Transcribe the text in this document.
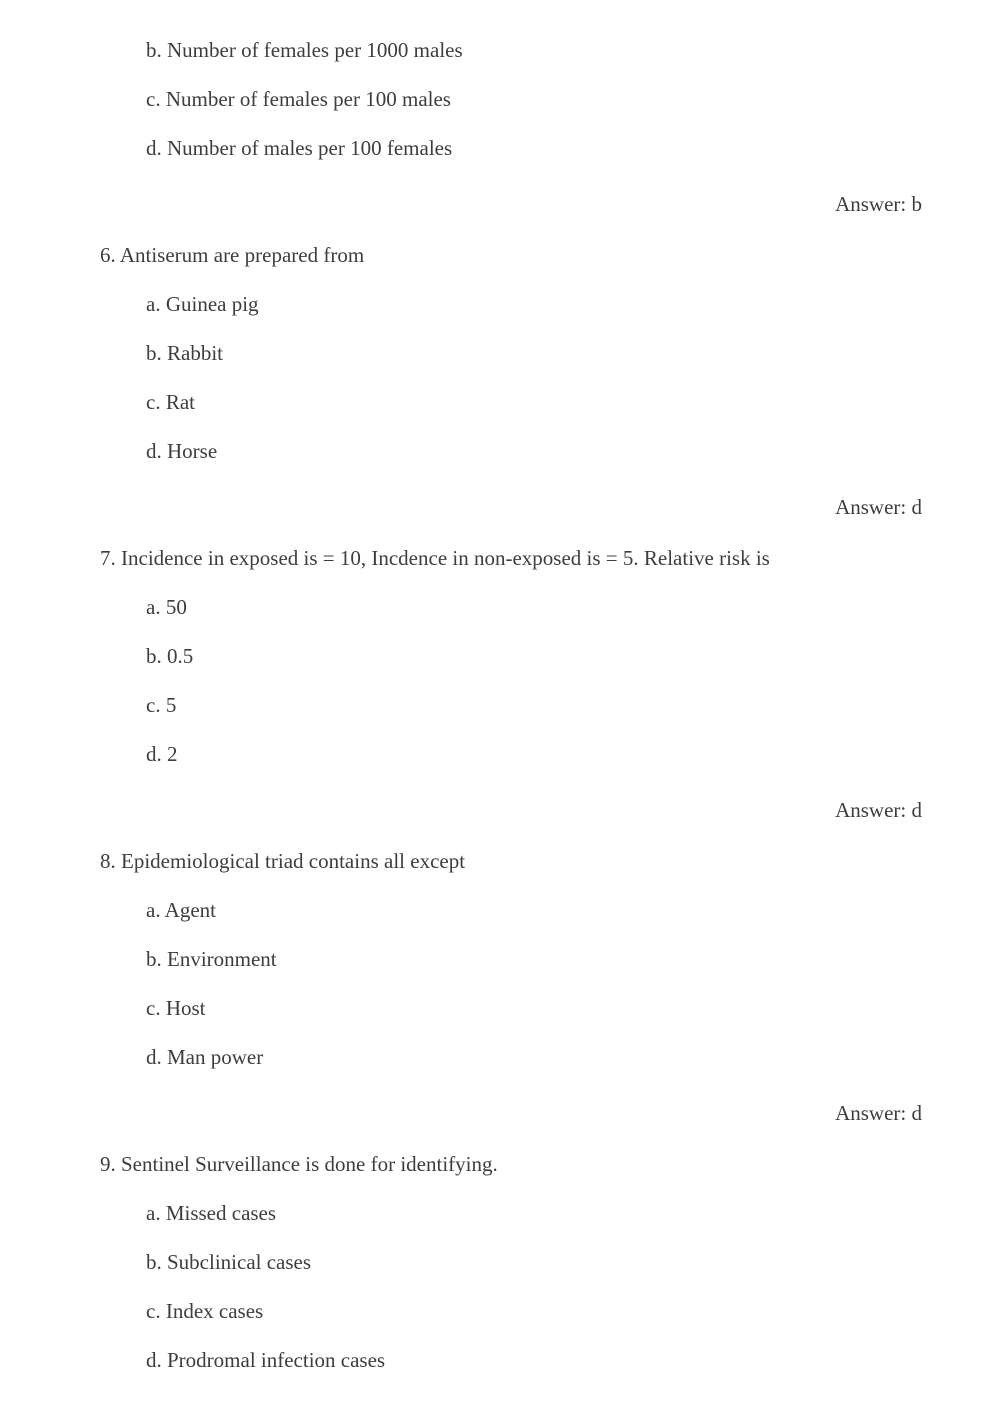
b. Number of females per 1000 males
c. Number of females per 100 males
d. Number of males per 100 females
Answer: b
6. Antiserum are prepared from
a. Guinea pig
b. Rabbit
c. Rat
d. Horse
Answer: d
7. Incidence in exposed is = 10, Incdence in non-exposed is = 5. Relative risk is
a. 50
b. 0.5
c. 5
d. 2
Answer: d
8. Epidemiological triad contains all except
a. Agent
b. Environment
c. Host
d. Man power
Answer: d
9. Sentinel Surveillance is done for identifying.
a. Missed cases
b. Subclinical cases
c. Index cases
d. Prodromal infection cases
